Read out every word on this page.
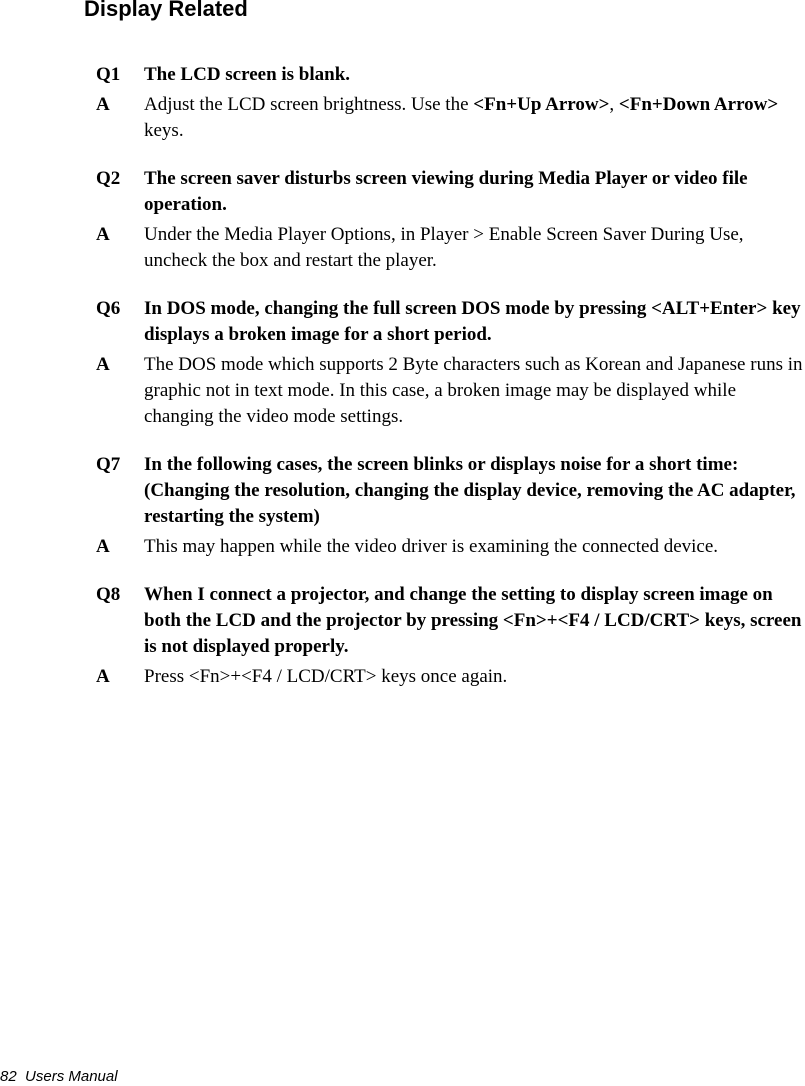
Display Related
Q1	The LCD screen is blank.
A	Adjust the LCD screen brightness. Use the <Fn+Up Arrow>, <Fn+Down Arrow> keys.
Q2	The screen saver disturbs screen viewing during Media Player or video file operation.
A	Under the Media Player Options, in Player > Enable Screen Saver During Use, uncheck the box and restart the player.
Q6	In DOS mode, changing the full screen DOS mode by pressing <ALT+Enter> key displays a broken image for a short period.
A	The DOS mode which supports 2 Byte characters such as Korean and Japanese runs in graphic not in text mode. In this case, a broken image may be displayed while changing the video mode settings.
Q7	In the following cases, the screen blinks or displays noise for a short time: (Changing the resolution, changing the display device, removing the AC adapter, restarting the system)
A	This may happen while the video driver is examining the connected device.
Q8	When I connect a projector, and change the setting to display screen image on both the LCD and the projector by pressing <Fn>+<F4 / LCD/CRT> keys, screen is not displayed properly.
A	Press <Fn>+<F4 / LCD/CRT> keys once again.
82 Users Manual
